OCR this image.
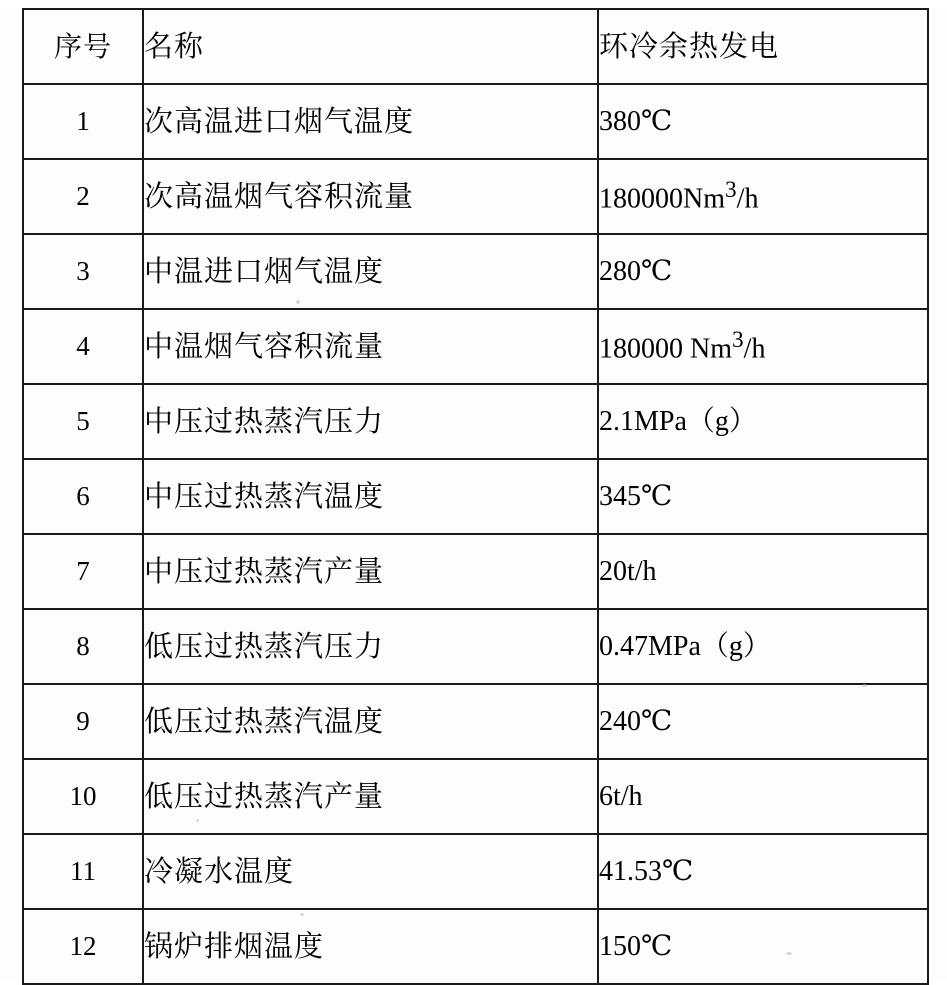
序号	名称	环冷余热发电
1	次高温进口烟气温度	380℃
2	次高温烟气容积流量	180000Nm$^3$/h
3	中温进口烟气温度	280℃
4	中温烟气容积流量	180000 Nm$^3$/h
5	中压过热蒸汽压力	2.1MPa（g）
6	中压过热蒸汽温度	345℃
7	中压过热蒸汽产量	20t/h
8	低压过热蒸汽压力	0.47MPa（g）
9	低压过热蒸汽温度	240℃
10	低压过热蒸汽产量	6t/h
11	冷凝水温度	41.53℃
12	锅炉排烟温度	150℃
